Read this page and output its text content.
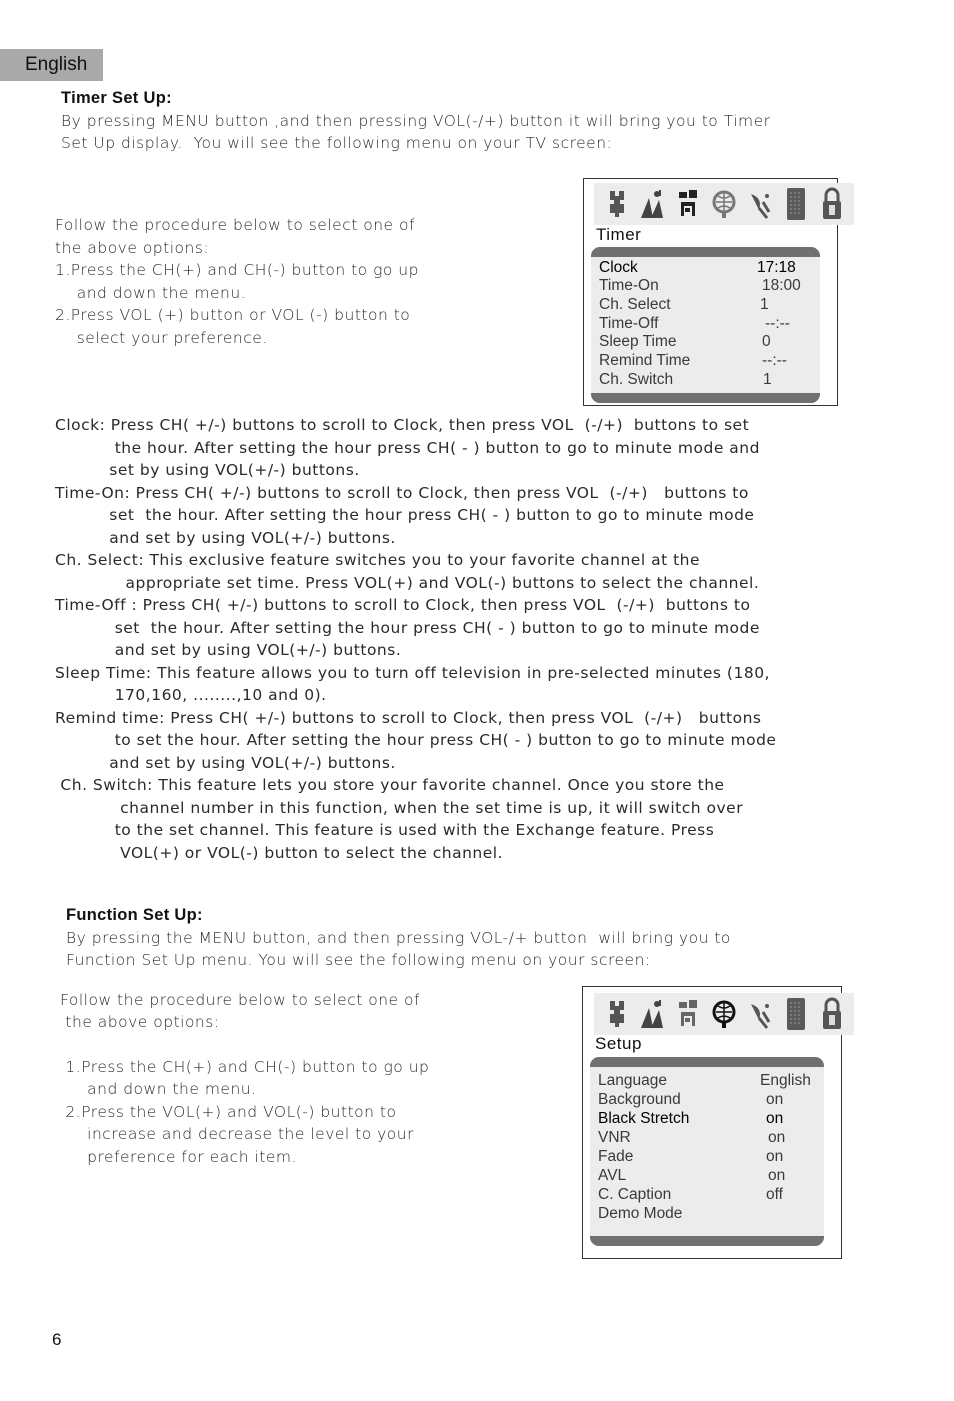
English
Timer Set Up:
By pressing MENU button ,and then pressing VOL(-/+) button it will bring you to Timer
Set Up display.  You will see the following menu on your TV screen:
Follow the procedure below to select one of
the above options:
1.Press the CH(+) and CH(-) button to go up
and down the menu.
2.Press VOL (+) button or VOL (-) button to
select your preference.
Timer
Clock	17:18
Time-On	18:00
Ch. Select	1
Time-Off	--:--
Sleep Time	0
Remind Time	--:--
Ch. Switch	1
Clock: Press CH( +/-) buttons to scroll to Clock, then press VOL  (-/+)  buttons to set
the hour. After setting the hour press CH( - ) button to go to minute mode and
set by using VOL(+/-) buttons.
Time-On: Press CH( +/-) buttons to scroll to Clock, then press VOL  (-/+)   buttons to
set  the hour. After setting the hour press CH( - ) button to go to minute mode
and set by using VOL(+/-) buttons.
Ch. Select: This exclusive feature switches you to your favorite channel at the
appropriate set time. Press VOL(+) and VOL(-) buttons to select the channel.
Time-Off : Press CH( +/-) buttons to scroll to Clock, then press VOL  (-/+)  buttons to
set  the hour. After setting the hour press CH( - ) button to go to minute mode
and set by using VOL(+/-) buttons.
Sleep Time: This feature allows you to turn off television in pre-selected minutes (180,
170,160, ........,10 and 0).
Remind time: Press CH( +/-) buttons to scroll to Clock, then press VOL  (-/+)   buttons
to set the hour. After setting the hour press CH( - ) button to go to minute mode
and set by using VOL(+/-) buttons.
Ch. Switch: This feature lets you store your favorite channel. Once you store the
channel number in this function, when the set time is up, it will switch over
to the set channel. This feature is used with the Exchange feature. Press
VOL(+) or VOL(-) button to select the channel.
Function Set Up:
By pressing the MENU button, and then pressing VOL-/+ button  will bring you to
Function Set Up menu. You will see the following menu on your screen:
Follow the procedure below to select one of
the above options:
1.Press the CH(+) and CH(-) button to go up
and down the menu.
2.Press the VOL(+) and VOL(-) button to
increase and decrease the level to your
preference for each item.
Setup
Language	English
Background	on
Black Stretch	on
VNR	on
Fade	on
AVL	on
C. Caption	off
Demo Mode
6
